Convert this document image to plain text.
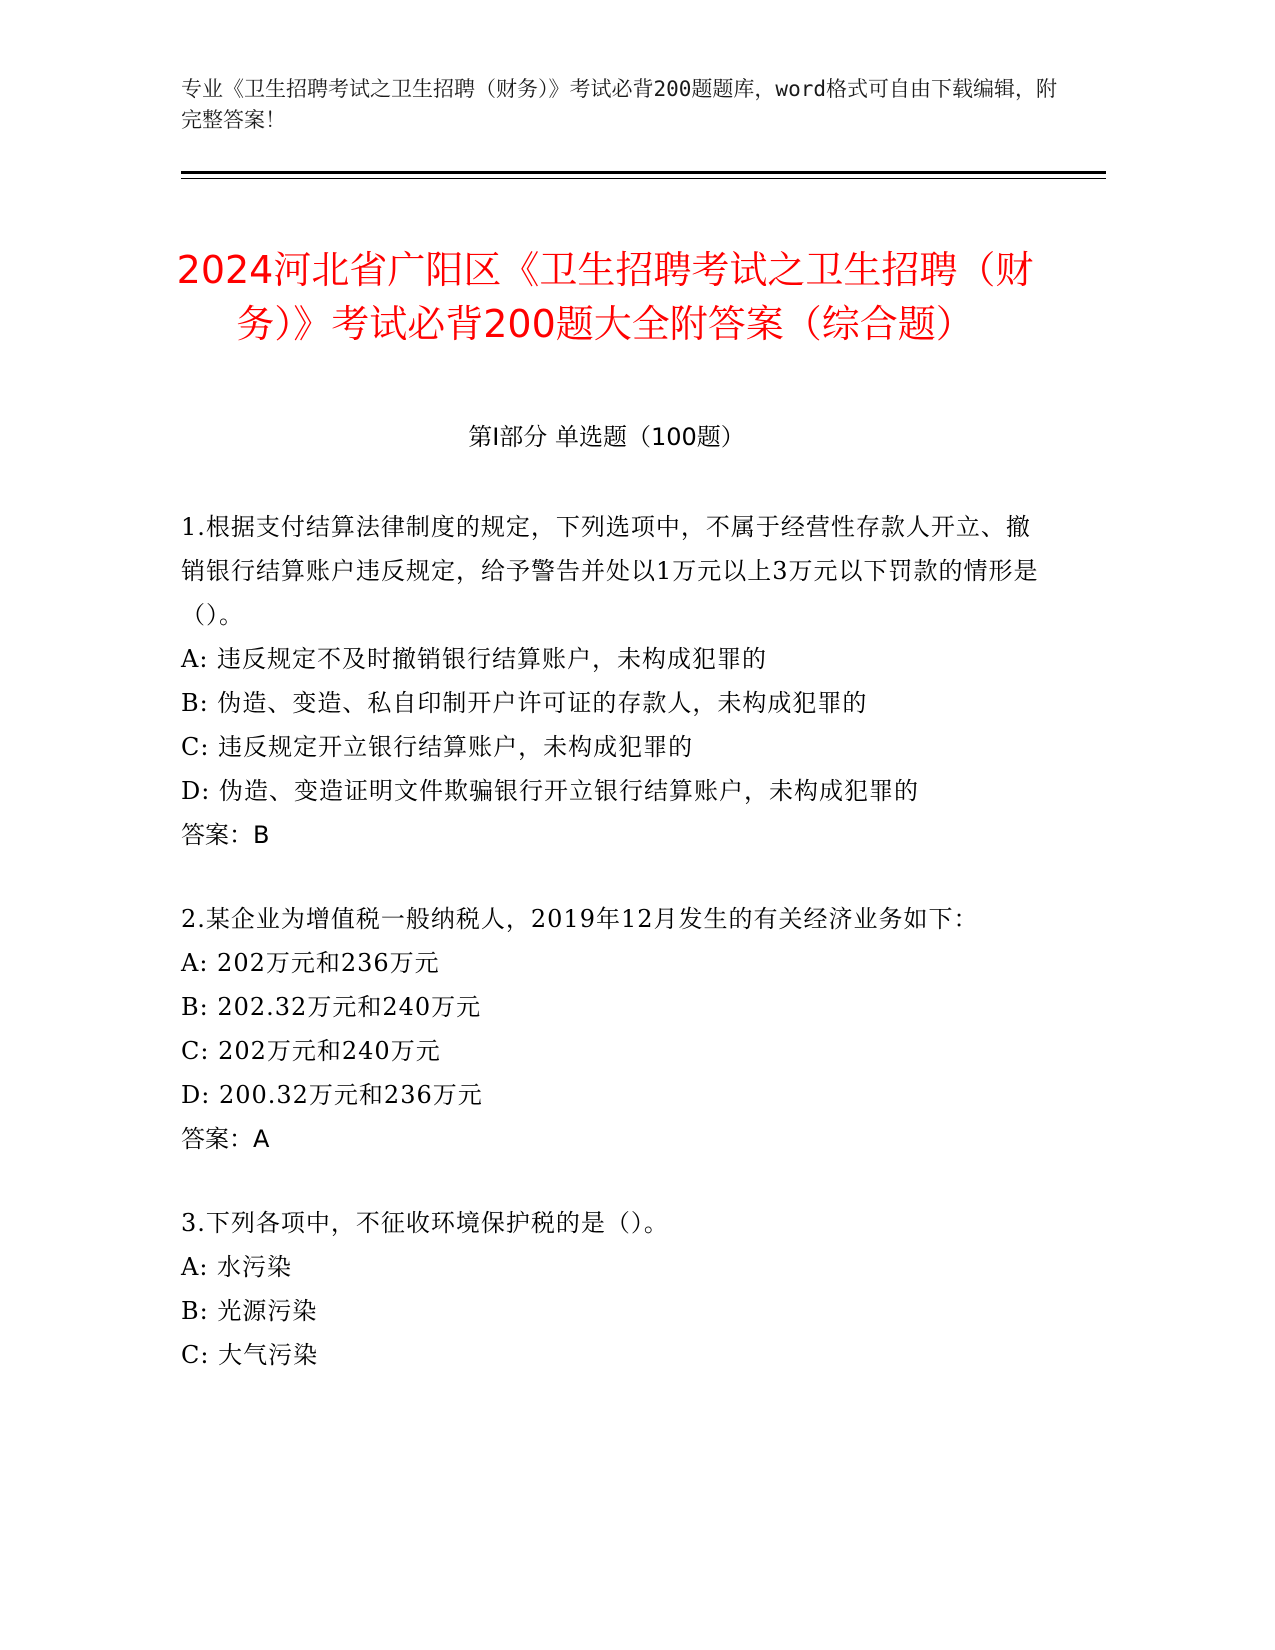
专业《卫生招聘考试之卫生招聘（财务）》考试必背200题题库，word格式可自由下载编辑，附完整答案！
2024河北省广阳区《卫生招聘考试之卫生招聘（财务）》考试必背200题大全附答案（综合题）
第I部分 单选题（100题）
1.根据支付结算法律制度的规定，下列选项中，不属于经营性存款人开立、撤销银行结算账户违反规定，给予警告并处以1万元以上3万元以下罚款的情形是（）。
A: 违反规定不及时撤销银行结算账户，未构成犯罪的
B: 伪造、变造、私自印制开户许可证的存款人，未构成犯罪的
C: 违反规定开立银行结算账户，未构成犯罪的
D: 伪造、变造证明文件欺骗银行开立银行结算账户，未构成犯罪的
答案：B
2.某企业为增值税一般纳税人，2019年12月发生的有关经济业务如下：
A: 202万元和236万元
B: 202.32万元和240万元
C: 202万元和240万元
D: 200.32万元和236万元
答案：A
3.下列各项中，不征收环境保护税的是（）。
A: 水污染
B: 光源污染
C: 大气污染
